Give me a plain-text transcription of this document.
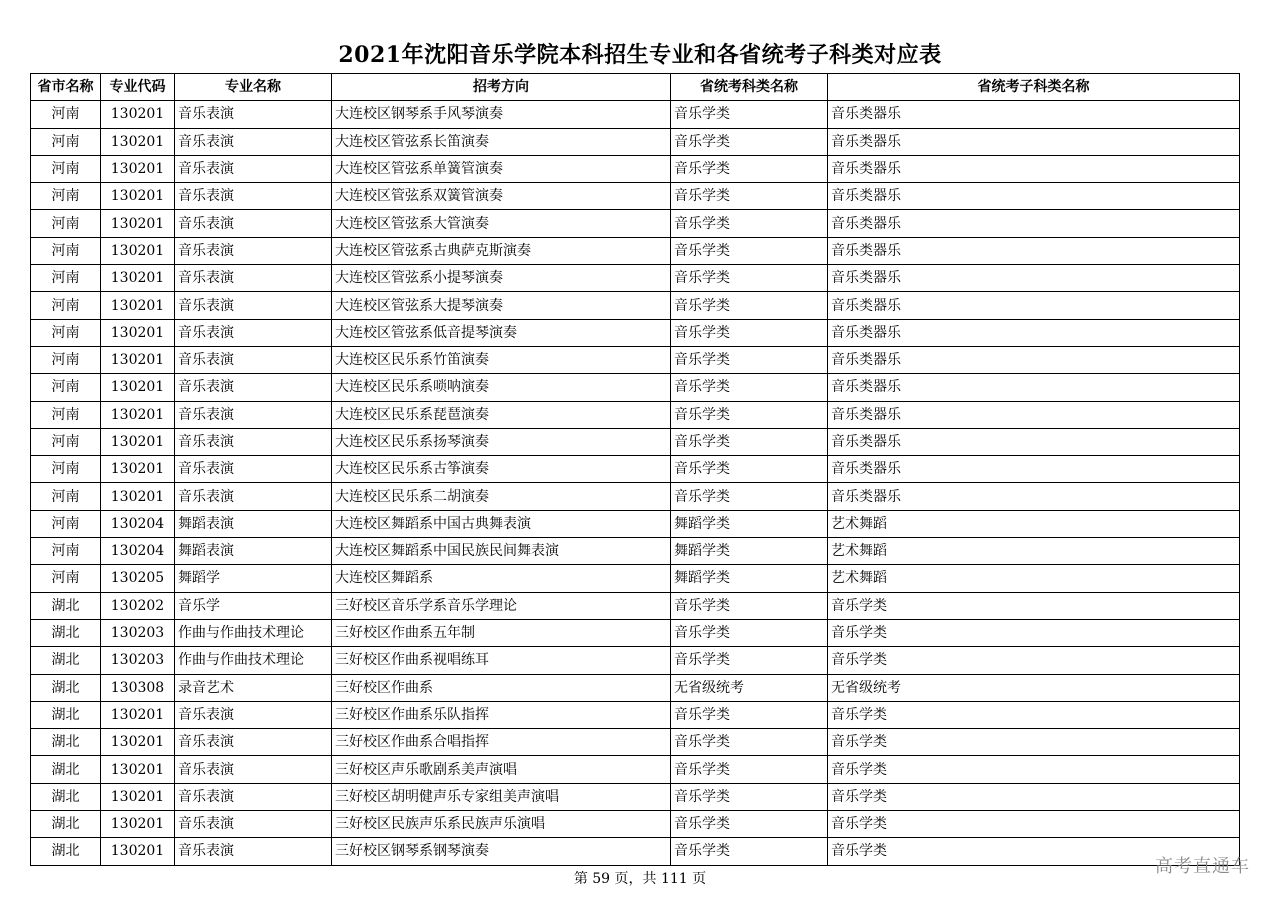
2021年沈阳音乐学院本科招生专业和各省统考子科类对应表
省市名称	专业代码	专业名称	招考方向	省统考科类名称	省统考子科类名称
河南	130201	音乐表演	大连校区钢琴系手风琴演奏	音乐学类	音乐类器乐
河南	130201	音乐表演	大连校区管弦系长笛演奏	音乐学类	音乐类器乐
河南	130201	音乐表演	大连校区管弦系单簧管演奏	音乐学类	音乐类器乐
河南	130201	音乐表演	大连校区管弦系双簧管演奏	音乐学类	音乐类器乐
河南	130201	音乐表演	大连校区管弦系大管演奏	音乐学类	音乐类器乐
河南	130201	音乐表演	大连校区管弦系古典萨克斯演奏	音乐学类	音乐类器乐
河南	130201	音乐表演	大连校区管弦系小提琴演奏	音乐学类	音乐类器乐
河南	130201	音乐表演	大连校区管弦系大提琴演奏	音乐学类	音乐类器乐
河南	130201	音乐表演	大连校区管弦系低音提琴演奏	音乐学类	音乐类器乐
河南	130201	音乐表演	大连校区民乐系竹笛演奏	音乐学类	音乐类器乐
河南	130201	音乐表演	大连校区民乐系唢呐演奏	音乐学类	音乐类器乐
河南	130201	音乐表演	大连校区民乐系琵琶演奏	音乐学类	音乐类器乐
河南	130201	音乐表演	大连校区民乐系扬琴演奏	音乐学类	音乐类器乐
河南	130201	音乐表演	大连校区民乐系古筝演奏	音乐学类	音乐类器乐
河南	130201	音乐表演	大连校区民乐系二胡演奏	音乐学类	音乐类器乐
河南	130204	舞蹈表演	大连校区舞蹈系中国古典舞表演	舞蹈学类	艺术舞蹈
河南	130204	舞蹈表演	大连校区舞蹈系中国民族民间舞表演	舞蹈学类	艺术舞蹈
河南	130205	舞蹈学	大连校区舞蹈系	舞蹈学类	艺术舞蹈
湖北	130202	音乐学	三好校区音乐学系音乐学理论	音乐学类	音乐学类
湖北	130203	作曲与作曲技术理论	三好校区作曲系五年制	音乐学类	音乐学类
湖北	130203	作曲与作曲技术理论	三好校区作曲系视唱练耳	音乐学类	音乐学类
湖北	130308	录音艺术	三好校区作曲系	无省级统考	无省级统考
湖北	130201	音乐表演	三好校区作曲系乐队指挥	音乐学类	音乐学类
湖北	130201	音乐表演	三好校区作曲系合唱指挥	音乐学类	音乐学类
湖北	130201	音乐表演	三好校区声乐歌剧系美声演唱	音乐学类	音乐学类
湖北	130201	音乐表演	三好校区胡明健声乐专家组美声演唱	音乐学类	音乐学类
湖北	130201	音乐表演	三好校区民族声乐系民族声乐演唱	音乐学类	音乐学类
湖北	130201	音乐表演	三好校区钢琴系钢琴演奏	音乐学类	音乐学类
第 59 页，共 111 页
高考直通车
